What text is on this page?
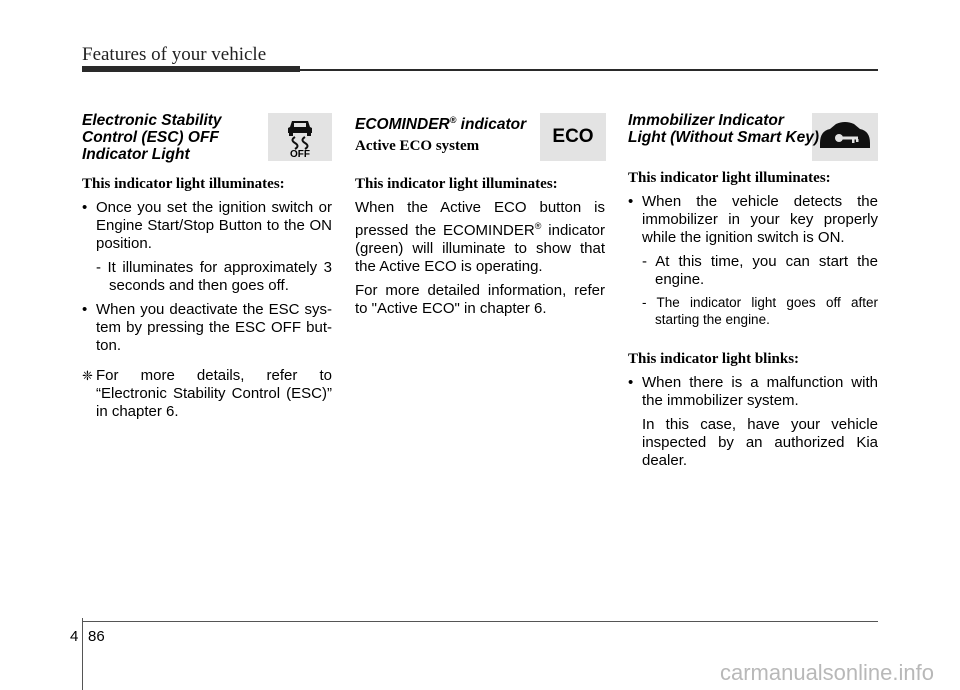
Features of your vehicle
OFF
Electronic Stability
Control (ESC) OFF
Indicator Light

This indicator light illuminates:

• Once you set the ignition switch or Engine Start/Stop Button to the ON position.

- It illuminates for approximately 3 seconds and then goes off.

• When you deactivate the ESC sys-tem by pressing the ESC OFF but-ton.

❈ For more details, refer to “Electronic Stability Control (ESC)” in chapter 6.

ECO
ECOMINDER® indicator

Active ECO system

This indicator light illuminates:

When the Active ECO button is pressed the ECOMINDER® indicator (green) will illuminate to show that the Active ECO is operating.

For more detailed information, refer to "Active ECO" in chapter 6.

Immobilizer Indicator
Light (Without Smart Key)

This indicator light illuminates:

• When the vehicle detects the immobilizer in your key properly while the ignition switch is ON.

- At this time, you can start the engine.

- The indicator light goes off after starting the engine.

This indicator light blinks:

• When there is a malfunction with the immobilizer system.

In this case, have your vehicle inspected by an authorized Kia dealer.

4 86
carmanualsonline.info
